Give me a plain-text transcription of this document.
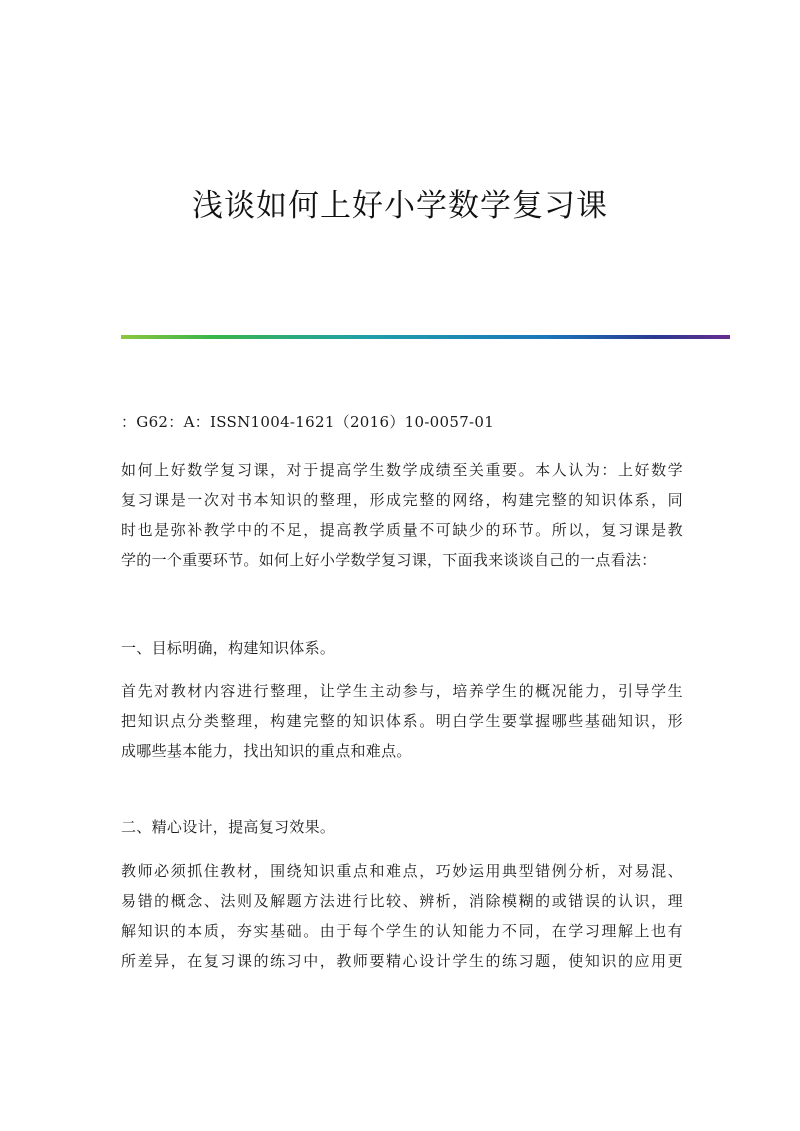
浅谈如何上好小学数学复习课
：G62：A：ISSN1004-1621（2016）10-0057-01
如何上好数学复习课，对于提高学生数学成绩至关重要。本人认为：上好数学
复习课是一次对书本知识的整理，形成完整的网络，构建完整的知识体系，同
时也是弥补教学中的不足，提高教学质量不可缺少的环节。所以，复习课是教
学的一个重要环节。如何上好小学数学复习课，下面我来谈谈自己的一点看法：
一、目标明确，构建知识体系。
首先对教材内容进行整理，让学生主动参与，培养学生的概况能力，引导学生
把知识点分类整理，构建完整的知识体系。明白学生要掌握哪些基础知识，形
成哪些基本能力，找出知识的重点和难点。
二、精心设计，提高复习效果。
教师必须抓住教材，围绕知识重点和难点，巧妙运用典型错例分析，对易混、
易错的概念、法则及解题方法进行比较、辨析，消除模糊的或错误的认识，理
解知识的本质，夯实基础。由于每个学生的认知能力不同，在学习理解上也有
所差异，在复习课的练习中，教师要精心设计学生的练习题，使知识的应用更
